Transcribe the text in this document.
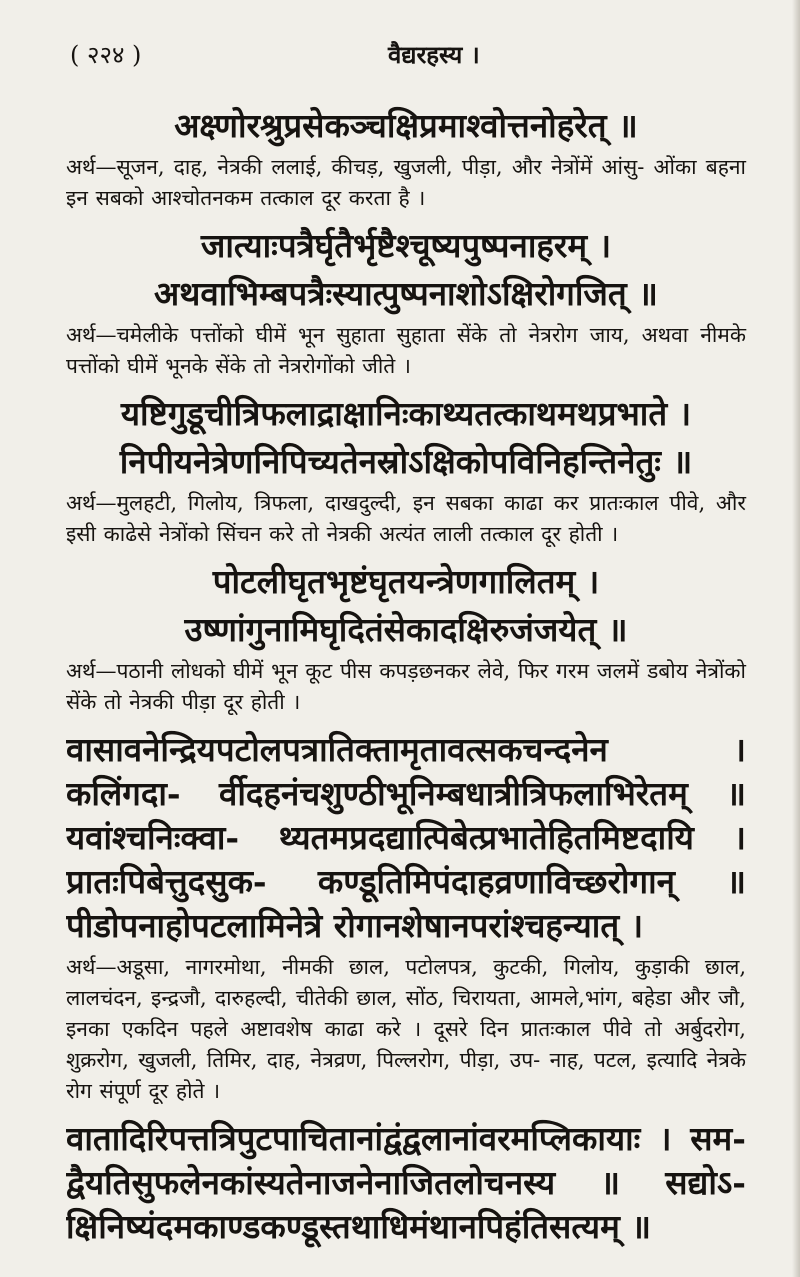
( २२४ )	वैद्यरहस्य ।
अक्ष्णोरश्रुप्रसेकञ्चक्षिप्रमाश्वोत्तनोहरेत् ॥
अर्थ—सूजन, दाह, नेत्रकी ललाई, कीचड़, खुजली, पीड़ा, और नेत्रोंमें आंसु- ओंका बहना इन सबको आश्चोतनकम तत्काल दूर करता है ।
जात्याःपत्रैर्घृतैर्भृष्टैश्चूष्यपुष्पनाहरम् ।
अथवाभिम्बपत्रैःस्यात्पुष्पनाशोऽक्षिरोगजित् ॥
अर्थ—चमेलीके पत्तोंको घीमें भून सुहाता सुहाता सेंके तो नेत्ररोग जाय, अथवा नीमके पत्तोंको घीमें भूनके सेंके तो नेत्ररोगोंको जीते ।
यष्टिगुडूचीत्रिफलाद्राक्षानिःकाथ्यतत्काथमथप्रभाते ।
निपीयनेत्रेणनिपिच्यतेनस्रोऽक्षिकोपविनिहन्तिनेतुः ॥
अर्थ—मुलहटी, गिलोय, त्रिफला, दाखदुल्दी, इन सबका काढा कर प्रातःकाल पीवे, और इसी काढेसे नेत्रोंको सिंचन करे तो नेत्रकी अत्यंत लाली तत्काल दूर होती ।
पोटलीघृतभृष्टंघृतयन्त्रेणगालितम् ।
उष्णांगुनामिघृदितंसेकादक्षिरुजंजयेत् ॥
अर्थ—पठानी लोधको घीमें भून कूट पीस कपड़छनकर लेवे, फिर गरम जलमें डबोय नेत्रोंको सेंके तो नेत्रकी पीड़ा दूर होती ।
वासावनेन्द्रियपटोलपत्रातिक्तामृतावत्सकचन्दनेन । कलिंगदा- र्वीदहनंचशुण्ठीभूनिम्बधात्रीत्रिफलाभिरेतम् ॥ यवांश्चनिःक्वा- थ्यतमप्रदद्यात्पिबेत्प्रभातेहितमिष्टदायि । प्रातःपिबेत्तुदसुक- कण्डूतिमिपंदाहव्रणाविच्छरोगान् ॥ पीडोपनाहोपटलामिनेत्रे रोगानशेषानपरांश्चहन्यात् ।
अर्थ—अडूसा, नागरमोथा, नीमकी छाल, पटोलपत्र, कुटकी, गिलोय, कुड़ाकी छाल, लालचंदन, इन्द्रजौ, दारुहल्दी, चीतेकी छाल, सोंठ, चिरायता, आमले,भांग, बहेडा और जौ, इनका एकदिन पहले अष्टावशेष काढा करे । दूसरे दिन प्रातःकाल पीवे तो अर्बुदरोग, शुक्ररोग, खुजली, तिमिर, दाह, नेत्रव्रण, पिल्लरोग, पीड़ा, उप- नाह, पटल, इत्यादि नेत्रके रोग संपूर्ण दूर होते ।
वातादिरिपत्तत्रिपुटपाचितानांद्वंद्वलानांवरमप्लिकायाः । सम- द्वैयतिसुफलेनकांस्यतेनाजनेनाजितलोचनस्य ॥ सद्योऽ- क्षिनिष्यंदमकाण्डकण्डूस्तथाधिमंथानपिहंतिसत्यम् ॥
